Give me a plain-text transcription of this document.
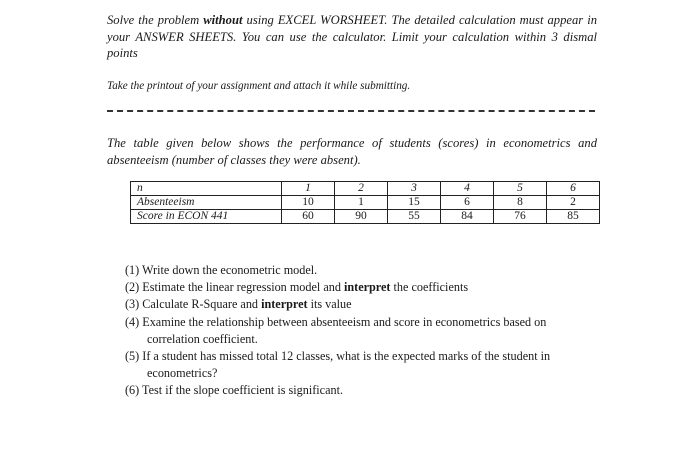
Solve the problem without using EXCEL WORSHEET. The detailed calculation must appear in your ANSWER SHEETS. You can use the calculator. Limit your calculation within 3 dismal points

Take the printout of your assignment and attach it while submitting.

The table given below shows the performance of students (scores) in econometrics and absenteeism (number of classes they were absent).

n	1	2	3	4	5	6
Absenteeism	10	1	15	6	8	2
Score in ECON 441	60	90	55	84	76	85
(1) Write down the econometric model.
(2) Estimate the linear regression model and interpret the coefficients
(3) Calculate R-Square and interpret its value
(4) Examine the relationship between absenteeism and score in econometrics based on correlation coefficient.
(5) If a student has missed total 12 classes, what is the expected marks of the student in econometrics?
(6) Test if the slope coefficient is significant.
